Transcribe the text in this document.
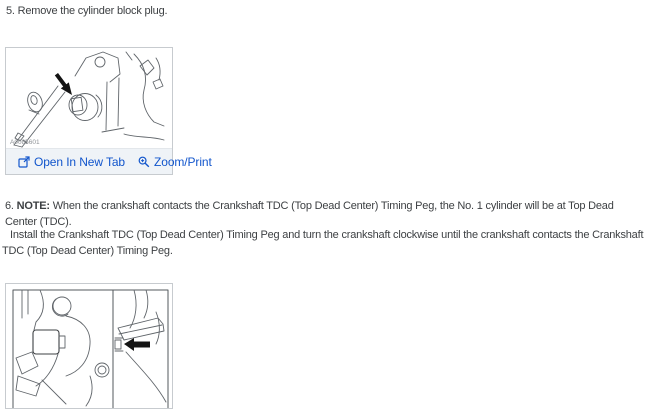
5. Remove the cylinder block plug.

A0085601
Open In New Tab Zoom/Print

6. NOTE: When the crankshaft contacts the Crankshaft TDC (Top Dead Center) Timing Peg, the No. 1 cylinder will be at Top Dead Center (TDC).

Install the Crankshaft TDC (Top Dead Center) Timing Peg and turn the crankshaft clockwise until the crankshaft contacts the Crankshaft TDC (Top Dead Center) Timing Peg.
